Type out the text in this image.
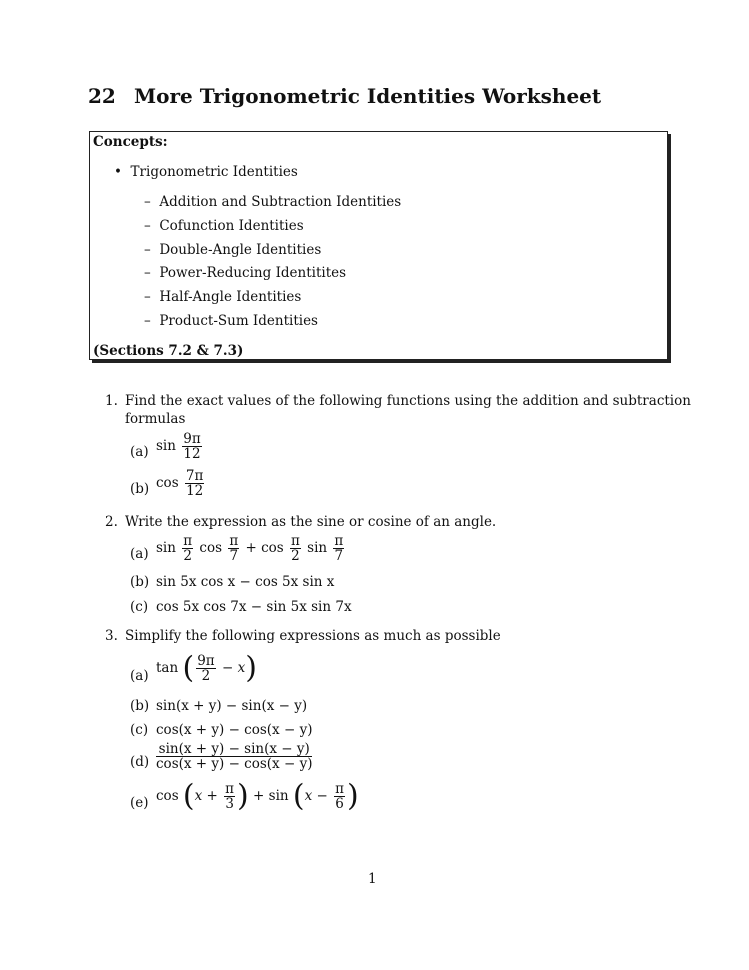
22 More Trigonometric Identities Worksheet
Concepts:
•  Trigonometric Identities
–  Addition and Subtraction Identities
–  Cofunction Identities
–  Double-Angle Identities
–  Power-Reducing Identitites
–  Half-Angle Identities
–  Product-Sum Identities
(Sections 7.2 & 7.3)
1. Find the exact values of the following functions using the addition and subtraction
formulas
(a) $\sin \frac{9\pi}{12}$
(b) $\cos \frac{7\pi}{12}$
2. Write the expression as the sine or cosine of an angle.
(a) $\sin \frac{\pi}{2}$ $\cos \frac{\pi}{7} + \cos \frac{\pi}{2}$ $\sin \frac{\pi}{7}$
(b) sin 5x cos x − cos 5x sin x
(c) cos 5x cos 7x − sin 5x sin 7x
3. Simplify the following expressions as much as possible
(a) tan ( $\frac{9\pi}{2} - x$)
(b) sin(x + y) − sin(x − y)
(c) cos(x + y) − cos(x − y)
$(d) \frac{\sin(x + y) - \sin(x - y)}{\cos(x + y) - \cos(x - y)}$
(e) $\cos (x + \frac{\pi}{3}$ ) + $\sin (x - \frac{\pi}{6}$ )
1
